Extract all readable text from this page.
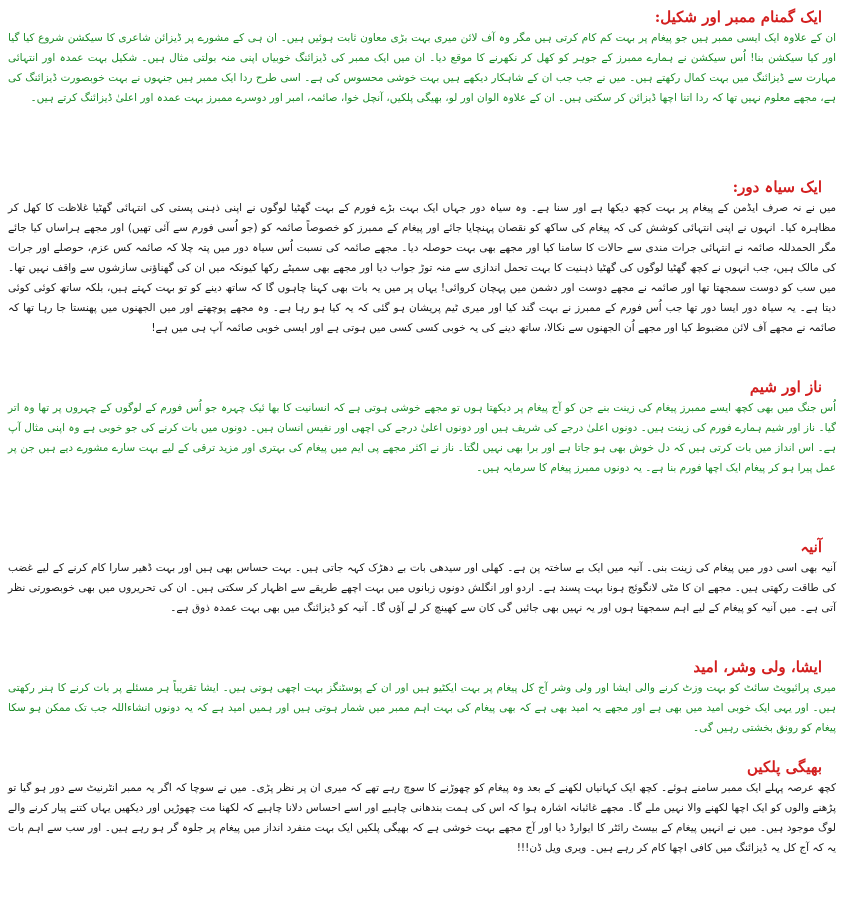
ایک گمنام ممبر اور شکیل:
ان کے علاوہ ایک ایسی ممبر ہیں جو پیغام پر بہت کم کام کرتی ہیں مگر وہ آف لائن میری بہت بڑی معاون ثابت ہوئیں ہیں۔ ان ہی کے مشورے پر ڈیزائن شاعری کا سیکشن شروع کیا گیا اور کیا سیکشن بنا! اُس سیکشن نے ہمارے ممبرز کے جوہر کو کھل کر نکھرنے کا موقع دیا۔ ان میں ایک ممبر کی ڈیزائنگ خوبیاں اپنی منہ بولتی مثال ہیں۔ شکیل بہت عمدہ اور انتہائی مہارت سے ڈیزائنگ میں بہت کمال رکھتے ہیں۔ میں نے جب جب ان کے شاہکار دیکھے ہیں بہت خوشی محسوس کی ہے۔ اسی طرح ردا ایک ممبر ہیں جنہوں نے بہت خوبصورت ڈیزائنگ کی ہے، مجھے معلوم نہیں تھا کہ ردا اتنا اچھا ڈیزائن کر سکتی ہیں۔ ان کے علاوہ الوان اور لو، بھیگی پلکیں، آنچل خوا، صائمہ، امبر اور دوسرے ممبرز بہت عمدہ اور اعلیٰ ڈیزائنگ کرتے ہیں۔
ایک سیاہ دور:
میں نے نہ صرف ایڈمن کے پیغام پر بہت کچھ دیکھا ہے اور سنا ہے۔ وہ سیاہ دور جہاں ایک بہت بڑے فورم کے بہت گھٹیا لوگوں نے اپنی ذہنی پستی کی انتہائی گھٹیا غلاظت کا کھل کر مظاہرہ کیا۔ انہوں نے اپنی انتہائی کوشش کی کہ پیغام کی ساکھ کو نقصان پہنچایا جائے اور پیغام کے ممبرز کو خصوصاً صائمہ کو (جو اُسی فورم سے آئی تھیں) اور مجھے ہراساں کیا جائے مگر الحمدللہ صائمہ نے انتہائی جرات مندی سے حالات کا سامنا کیا اور مجھے بھی بہت حوصلہ دیا۔ مجھے صائمہ کی نسبت اُس سیاہ دور میں پتہ چلا کہ صائمہ کس عزم، حوصلے اور جرات کی مالک ہیں، جب انہوں نے کچھ گھٹیا لوگوں کی گھٹیا ذہنیت کا بہت تحمل اندازی سے منہ توڑ جواب دیا اور مجھے بھی سمیٹے رکھا کیونکہ میں ان کی گھناؤنی سازشوں سے واقف نہیں تھا۔ میں سب کو دوست سمجھتا تھا اور صائمہ نے مجھے دوست اور دشمن میں پہچان کروائی! یہاں پر میں یہ بات بھی کہنا چاہوں گا کہ ساتھ دینے کو تو بہت کہتے ہیں، بلکہ ساتھ کوئی کوئی دیتا ہے۔ یہ سیاہ دور ایسا دور تھا جب اُس فورم کے ممبرز نے بہت گند کیا اور میری ٹیم پریشان ہو گئی کہ یہ کیا ہو رہا ہے۔ وہ مجھے پوچھتے اور میں الجھنوں میں پھنستا جا رہا تھا کہ صائمہ نے مجھے آف لائن مضبوط کیا اور مجھے اُن الجھنوں سے نکالا، ساتھ دینے کی یہ خوبی کسی کسی میں ہوتی ہے اور ایسی خوبی صائمہ آپ ہی میں ہے!
ناز اور شیم
اُس جنگ میں بھی کچھ ایسے ممبرز پیغام کی زینت بنے جن کو آج پیغام پر دیکھتا ہوں تو مجھے خوشی ہوتی ہے کہ انسانیت کا بھا ئیک چہرہ جو اُس فورم کے لوگوں کے چہروں پر تھا وہ اتر گیا۔ ناز اور شیم ہمارے فورم کی زینت ہیں۔ دونوں اعلیٰ درجے کی شریف ہیں اور دونوں اعلیٰ درجے کی اچھی اور نفیس انسان ہیں۔ دونوں میں بات کرنے کی جو خوبی ہے وہ اپنی مثال آپ ہے۔ اس انداز میں بات کرتی ہیں کہ دل خوش بھی ہو جاتا ہے اور برا بھی نہیں لگتا۔ ناز نے اکثر مجھے پی ایم میں پیغام کی بہتری اور مزید ترقی کے لیے بہت سارے مشورے دیے ہیں جن پر عمل پیرا ہو کر پیغام ایک اچھا فورم بنا ہے۔ یہ دونوں ممبرز پیغام کا سرمایہ ہیں۔
آنیہ
آنیہ بھی اسی دور میں پیغام کی زینت بنی۔ آنیہ میں ایک بے ساختہ پن ہے۔ کھلی اور سیدھی بات بے دھڑک کہہ جاتی ہیں۔ بہت حساس بھی ہیں اور بہت ڈھیر سارا کام کرنے کے لیے غضب کی طاقت رکھتی ہیں۔ مجھے ان کا مٹی لانگوئج ہونا بہت پسند ہے۔ اردو اور انگلش دونوں زبانوں میں بہت اچھے طریقے سے اظہار کر سکتی ہیں۔ ان کی تحریروں میں بھی خوبصورتی نظر آتی ہے۔ میں آنیہ کو پیغام کے لیے اہم سمجھتا ہوں اور یہ نہیں بھی جائیں گی کان سے کھینچ کر لے آؤں گا۔ آنیہ کو ڈیزائنگ میں بھی بہت عمدہ ذوق ہے۔
ایشا، ولی وشر، امید
میری پرائیویٹ سائٹ کو بہت وزٹ کرنے والی ایشا اور ولی وشر آج کل پیغام پر بہت ایکٹیو ہیں اور ان کے پوسٹنگز بہت اچھی ہوتی ہیں۔ ایشا تقریباً ہر مسئلے پر بات کرنے کا ہنر رکھتی ہیں۔ اور یہی ایک خوبی امید میں بھی ہے اور مجھے یہ امید بھی ہے کہ بھی پیغام کی بہت اہم ممبر میں شمار ہوتی ہیں اور ہمیں امید ہے کہ یہ دونوں انشاءاللہ جب تک ممکن ہو سکا پیغام کو رونق بخشتی رہیں گی۔
بھیگی پلکیں
کچھ عرصہ پہلے ایک ممبر سامنے ہوئے۔ کچھ ایک کہانیاں لکھنے کے بعد وہ پیغام کو چھوڑنے کا سوچ رہے تھے کہ میری ان پر نظر پڑی۔ میں نے سوچا کہ اگر یہ ممبر انٹرنیٹ سے دور ہو گیا تو پڑھنے والوں کو ایک اچھا لکھنے والا نہیں ملے گا۔ مجھے غائبانہ اشارہ ہوا کہ اس کی ہمت بندھانی چاہیے اور اسے احساس دلانا چاہیے کہ لکھنا مت چھوڑیں اور دیکھیں یہاں کتنے پیار کرنے والے لوگ موجود ہیں۔ میں نے انہیں پیغام کے بیسٹ رائٹر کا ایوارڈ دیا اور آج مجھے بہت خوشی ہے کہ بھیگی پلکیں ایک بہت منفرد انداز میں پیغام پر جلوہ گر ہو رہے ہیں۔ اور سب سے اہم بات یہ کہ آج کل یہ ڈیزائنگ میں کافی اچھا کام کر رہے ہیں۔ ویری ویل ڈن!!!
